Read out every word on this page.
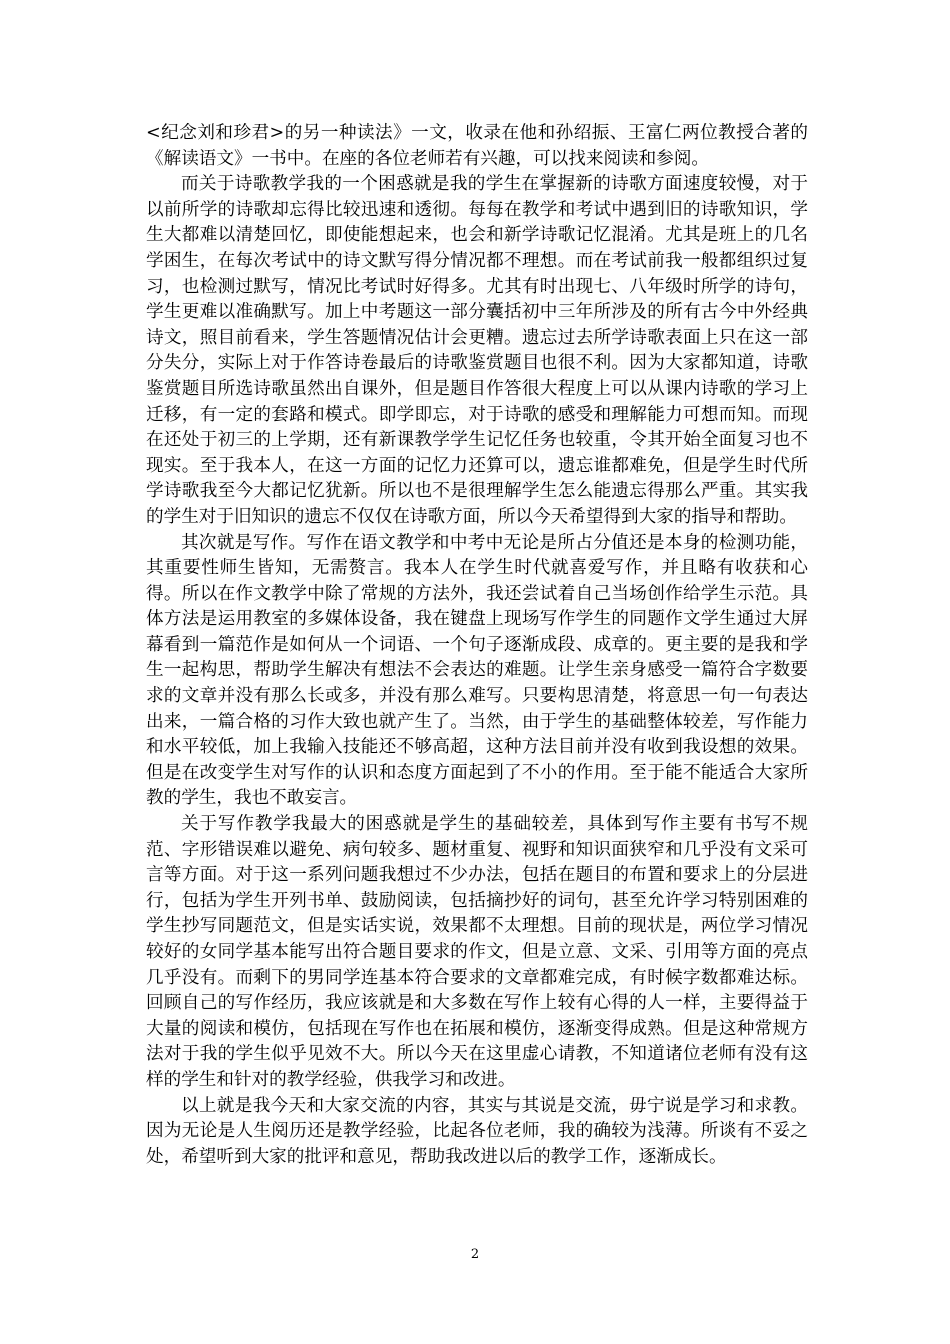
<纪念刘和珍君>的另一种读法》一文，收录在他和孙绍振、王富仁两位教授合著的《解读语文》一书中。在座的各位老师若有兴趣，可以找来阅读和参阅。

而关于诗歌教学我的一个困惑就是我的学生在掌握新的诗歌方面速度较慢，对于以前所学的诗歌却忘得比较迅速和透彻。每每在教学和考试中遇到旧的诗歌知识，学生大都难以清楚回忆，即使能想起来，也会和新学诗歌记忆混淆。尤其是班上的几名学困生，在每次考试中的诗文默写得分情况都不理想。而在考试前我一般都组织过复习，也检测过默写，情况比考试时好得多。尤其有时出现七、八年级时所学的诗句，学生更难以准确默写。加上中考题这一部分囊括初中三年所涉及的所有古今中外经典诗文，照目前看来，学生答题情况估计会更糟。遗忘过去所学诗歌表面上只在这一部分失分，实际上对于作答诗卷最后的诗歌鉴赏题目也很不利。因为大家都知道，诗歌鉴赏题目所选诗歌虽然出自课外，但是题目作答很大程度上可以从课内诗歌的学习上迁移，有一定的套路和模式。即学即忘，对于诗歌的感受和理解能力可想而知。而现在还处于初三的上学期，还有新课教学学生记忆任务也较重，令其开始全面复习也不现实。至于我本人，在这一方面的记忆力还算可以，遗忘谁都难免，但是学生时代所学诗歌我至今大都记忆犹新。所以也不是很理解学生怎么能遗忘得那么严重。其实我的学生对于旧知识的遗忘不仅仅在诗歌方面，所以今天希望得到大家的指导和帮助。

其次就是写作。写作在语文教学和中考中无论是所占分值还是本身的检测功能，其重要性师生皆知，无需赘言。我本人在学生时代就喜爱写作，并且略有收获和心得。所以在作文教学中除了常规的方法外，我还尝试着自己当场创作给学生示范。具体方法是运用教室的多媒体设备，我在键盘上现场写作学生的同题作文学生通过大屏幕看到一篇范作是如何从一个词语、一个句子逐渐成段、成章的。更主要的是我和学生一起构思，帮助学生解决有想法不会表达的难题。让学生亲身感受一篇符合字数要求的文章并没有那么长或多，并没有那么难写。只要构思清楚，将意思一句一句表达出来，一篇合格的习作大致也就产生了。当然，由于学生的基础整体较差，写作能力和水平较低，加上我输入技能还不够高超，这种方法目前并没有收到我设想的效果。但是在改变学生对写作的认识和态度方面起到了不小的作用。至于能不能适合大家所教的学生，我也不敢妄言。

关于写作教学我最大的困惑就是学生的基础较差，具体到写作主要有书写不规范、字形错误难以避免、病句较多、题材重复、视野和知识面狭窄和几乎没有文采可言等方面。对于这一系列问题我想过不少办法，包括在题目的布置和要求上的分层进行，包括为学生开列书单、鼓励阅读，包括摘抄好的词句，甚至允许学习特别困难的学生抄写同题范文，但是实话实说，效果都不太理想。目前的现状是，两位学习情况较好的女同学基本能写出符合题目要求的作文，但是立意、文采、引用等方面的亮点几乎没有。而剩下的男同学连基本符合要求的文章都难完成，有时候字数都难达标。回顾自己的写作经历，我应该就是和大多数在写作上较有心得的人一样，主要得益于大量的阅读和模仿，包括现在写作也在拓展和模仿，逐渐变得成熟。但是这种常规方法对于我的学生似乎见效不大。所以今天在这里虚心请教，不知道诸位老师有没有这样的学生和针对的教学经验，供我学习和改进。

以上就是我今天和大家交流的内容，其实与其说是交流，毋宁说是学习和求教。因为无论是人生阅历还是教学经验，比起各位老师，我的确较为浅薄。所谈有不妥之处，希望听到大家的批评和意见，帮助我改进以后的教学工作，逐渐成长。

2
